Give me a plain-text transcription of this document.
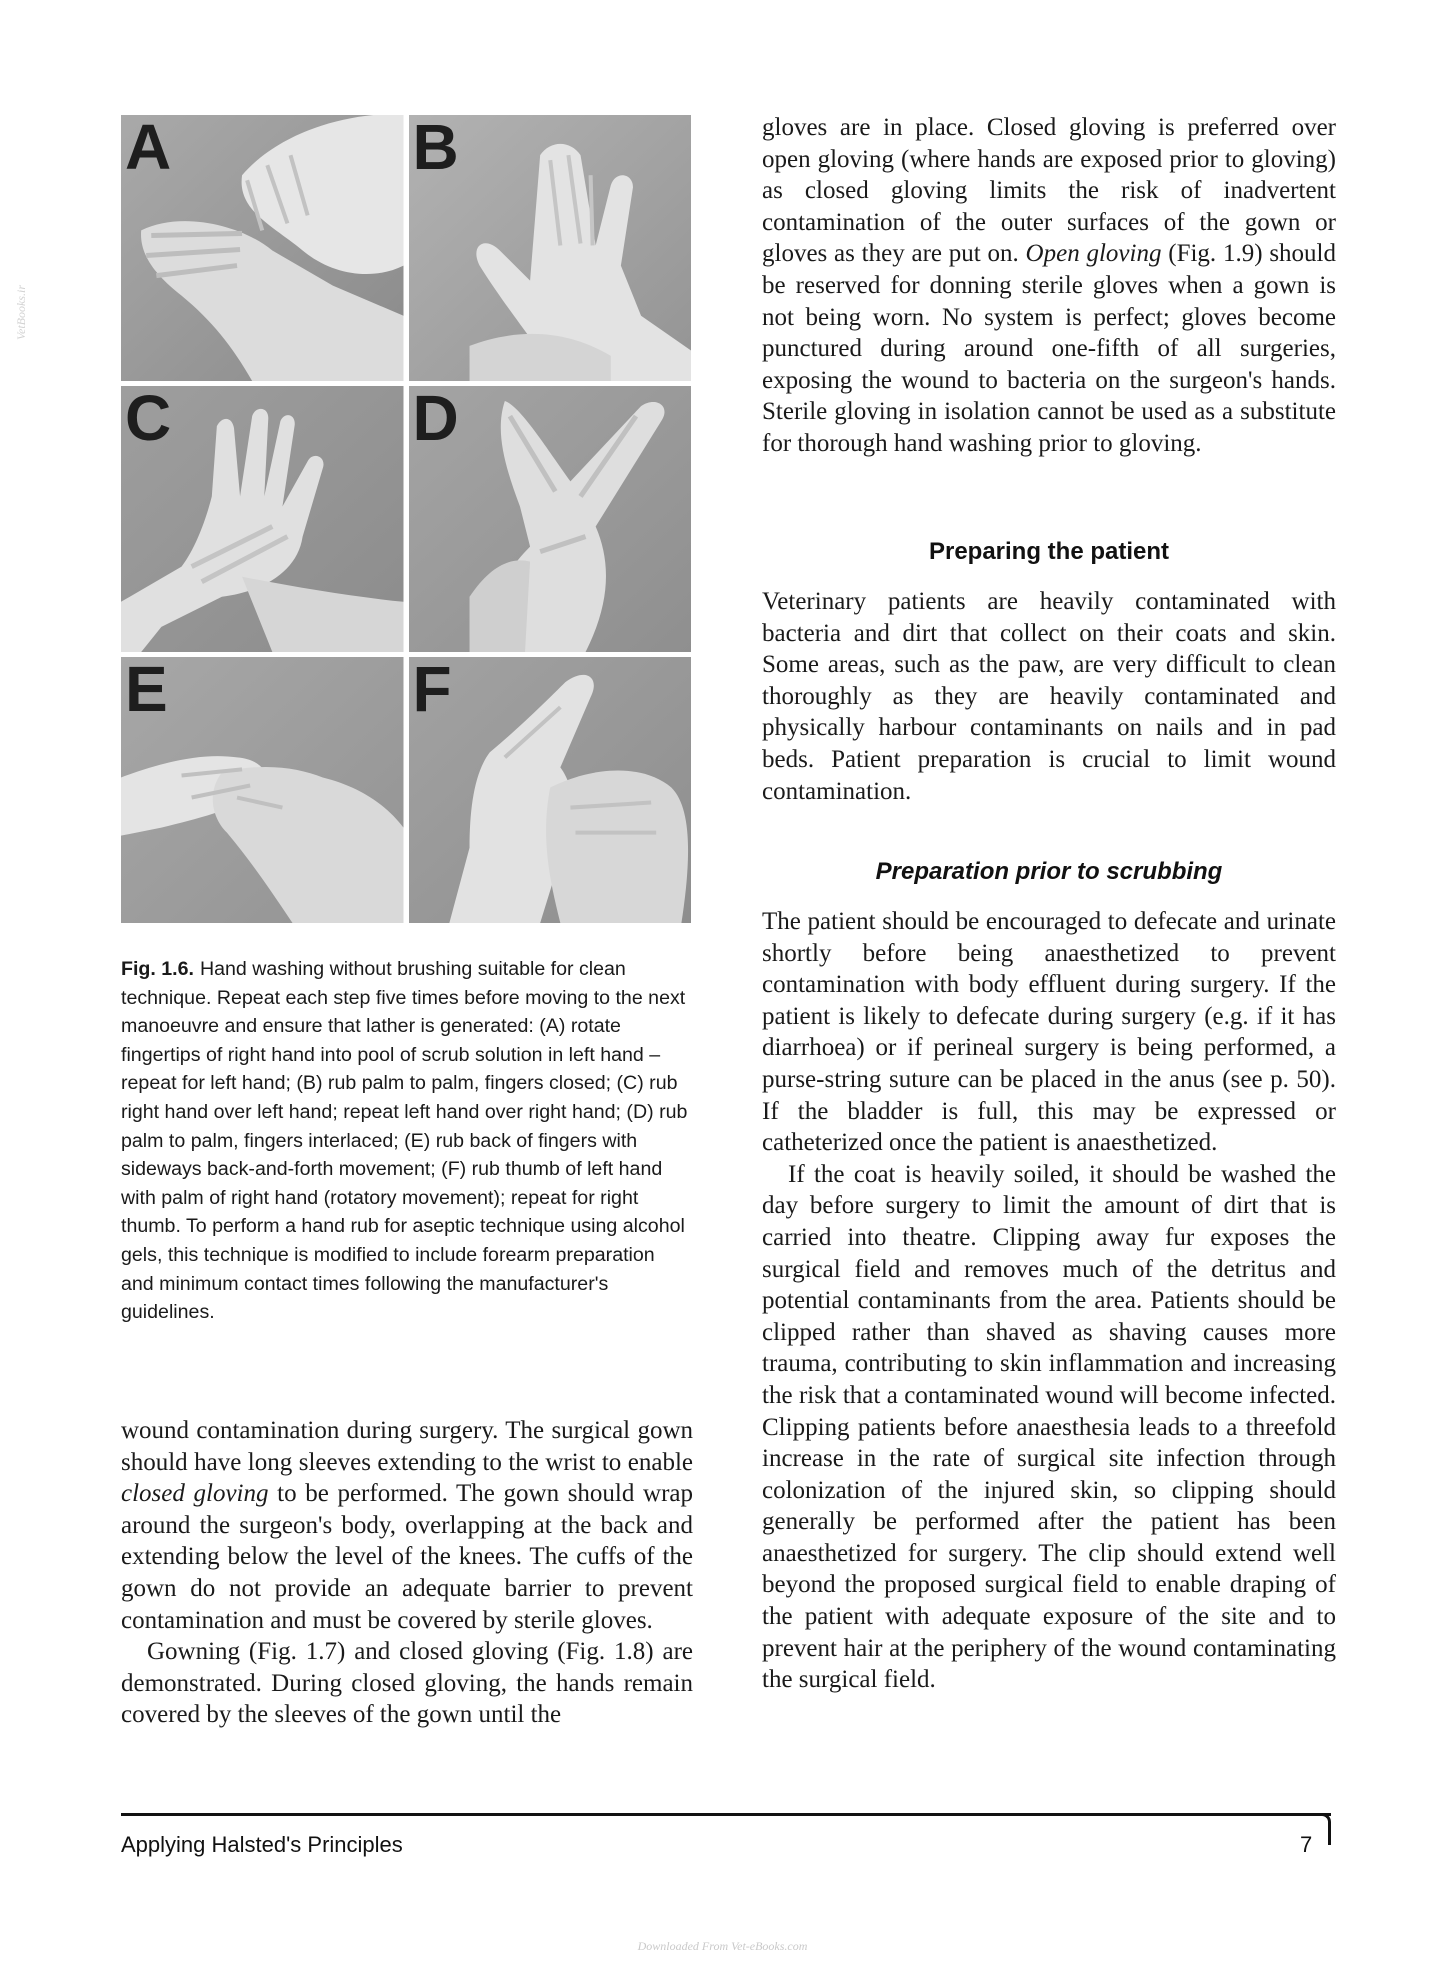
VetBooks.ir
A	B
C	D
E	F
Fig. 1.6. Hand washing without brushing suitable for clean technique. Repeat each step five times before moving to the next manoeuvre and ensure that lather is generated: (A) rotate fingertips of right hand into pool of scrub solution in left hand – repeat for left hand; (B) rub palm to palm, fingers closed; (C) rub right hand over left hand; repeat left hand over right hand; (D) rub palm to palm, fingers interlaced; (E) rub back of fingers with sideways back-and-forth movement; (F) rub thumb of left hand with palm of right hand (rotatory movement); repeat for right thumb. To perform a hand rub for aseptic technique using alcohol gels, this technique is modified to include forearm preparation and minimum contact times following the manufacturer's guidelines.

wound contamination during surgery. The surgical gown should have long sleeves extending to the wrist to enable closed gloving to be performed. The gown should wrap around the surgeon's body, overlapping at the back and extending below the level of the knees. The cuffs of the gown do not provide an adequate barrier to prevent contamination and must be covered by sterile gloves.

Gowning (Fig. 1.7) and closed gloving (Fig. 1.8) are demonstrated. During closed gloving, the hands remain covered by the sleeves of the gown until the

gloves are in place. Closed gloving is preferred over open gloving (where hands are exposed prior to gloving) as closed gloving limits the risk of inadvertent contamination of the outer surfaces of the gown or gloves as they are put on. Open gloving (Fig. 1.9) should be reserved for donning sterile gloves when a gown is not being worn. No system is perfect; gloves become punctured during around one-fifth of all surgeries, exposing the wound to bacteria on the surgeon's hands. Sterile gloving in isolation cannot be used as a substitute for thorough hand washing prior to gloving.

Preparing the patient

Veterinary patients are heavily contaminated with bacteria and dirt that collect on their coats and skin. Some areas, such as the paw, are very difficult to clean thoroughly as they are heavily contaminated and physically harbour contaminants on nails and in pad beds. Patient preparation is crucial to limit wound contamination.

Preparation prior to scrubbing

The patient should be encouraged to defecate and urinate shortly before being anaesthetized to prevent contamination with body effluent during surgery. If the patient is likely to defecate during surgery (e.g. if it has diarrhoea) or if perineal surgery is being performed, a purse-string suture can be placed in the anus (see p. 50). If the bladder is full, this may be expressed or catheterized once the patient is anaesthetized.

If the coat is heavily soiled, it should be washed the day before surgery to limit the amount of dirt that is carried into theatre. Clipping away fur exposes the surgical field and removes much of the detritus and potential contaminants from the area. Patients should be clipped rather than shaved as shaving causes more trauma, contributing to skin inflammation and increasing the risk that a contaminated wound will become infected. Clipping patients before anaesthesia leads to a threefold increase in the rate of surgical site infection through colonization of the injured skin, so clipping should generally be performed after the patient has been anaesthetized for surgery. The clip should extend well beyond the proposed surgical field to enable draping of the patient with adequate exposure of the site and to prevent hair at the periphery of the wound contaminating the surgical field.

Applying Halsted's Principles	7
Downloaded From Vet-eBooks.com
